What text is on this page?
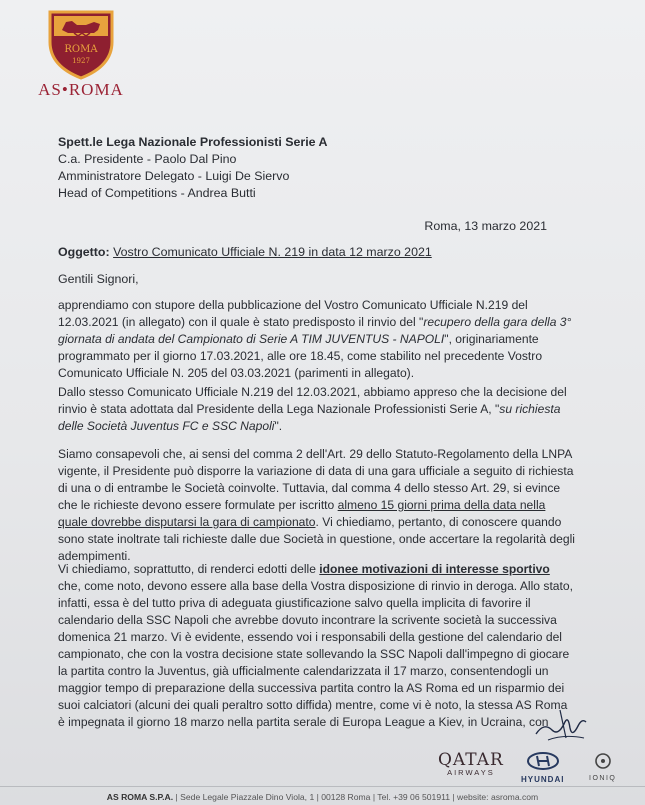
ROMA
1927
AS•ROMA
Spett.le Lega Nazionale Professionisti Serie A
C.a. Presidente - Paolo Dal Pino
Amministratore Delegato - Luigi De Siervo
Head of Competitions - Andrea Butti
Roma, 13 marzo 2021
Oggetto: Vostro Comunicato Ufficiale N. 219 in data 12 marzo 2021
Gentili Signori,
apprendiamo con stupore della pubblicazione del Vostro Comunicato Ufficiale N.219 del
12.03.2021 (in allegato) con il quale è stato predisposto il rinvio del "recupero della gara della 3°
giornata di andata del Campionato di Serie A TIM JUVENTUS - NAPOLI", originariamente
programmato per il giorno 17.03.2021, alle ore 18.45, come stabilito nel precedente Vostro
Comunicato Ufficiale N. 205 del 03.03.2021 (parimenti in allegato).
Dallo stesso Comunicato Ufficiale N.219 del 12.03.2021, abbiamo appreso che la decisione del
rinvio è stata adottata dal Presidente della Lega Nazionale Professionisti Serie A, "su richiesta
delle Società Juventus FC e SSC Napoli".
Siamo consapevoli che, ai sensi del comma 2 dell'Art. 29 dello Statuto-Regolamento della LNPA
vigente, il Presidente può disporre la variazione di data di una gara ufficiale a seguito di richiesta
di una o di entrambe le Società coinvolte. Tuttavia, dal comma 4 dello stesso Art. 29, si evince
che le richieste devono essere formulate per iscritto almeno 15 giorni prima della data nella
quale dovrebbe disputarsi la gara di campionato. Vi chiediamo, pertanto, di conoscere quando
sono state inoltrate tali richieste dalle due Società in questione, onde accertare la regolarità degli
adempimenti.
Vi chiediamo, soprattutto, di renderci edotti delle idonee motivazioni di interesse sportivo
che, come noto, devono essere alla base della Vostra disposizione di rinvio in deroga. Allo stato,
infatti, essa è del tutto priva di adeguata giustificazione salvo quella implicita di favorire il
calendario della SSC Napoli che avrebbe dovuto incontrare la scrivente società la successiva
domenica 21 marzo. Vi è evidente, essendo voi i responsabili della gestione del calendario del
campionato, che con la vostra decisione state sollevando la SSC Napoli dall'impegno di giocare
la partita contro la Juventus, già ufficialmente calendarizzata il 17 marzo, consentendogli un
maggior tempo di preparazione della successiva partita contro la AS Roma ed un risparmio dei
suoi calciatori (alcuni dei quali peraltro sotto diffida) mentre, come vi è noto, la stessa AS Roma
è impegnata il giorno 18 marzo nella partita serale di Europa League a Kiev, in Ucraina, con
QATAR
AIRWAYS
HYUNDAI	IONIQ
AS ROMA S.P.A. | Sede Legale Piazzale Dino Viola, 1 | 00128 Roma | Tel. +39 06 501911 | website: asroma.com
